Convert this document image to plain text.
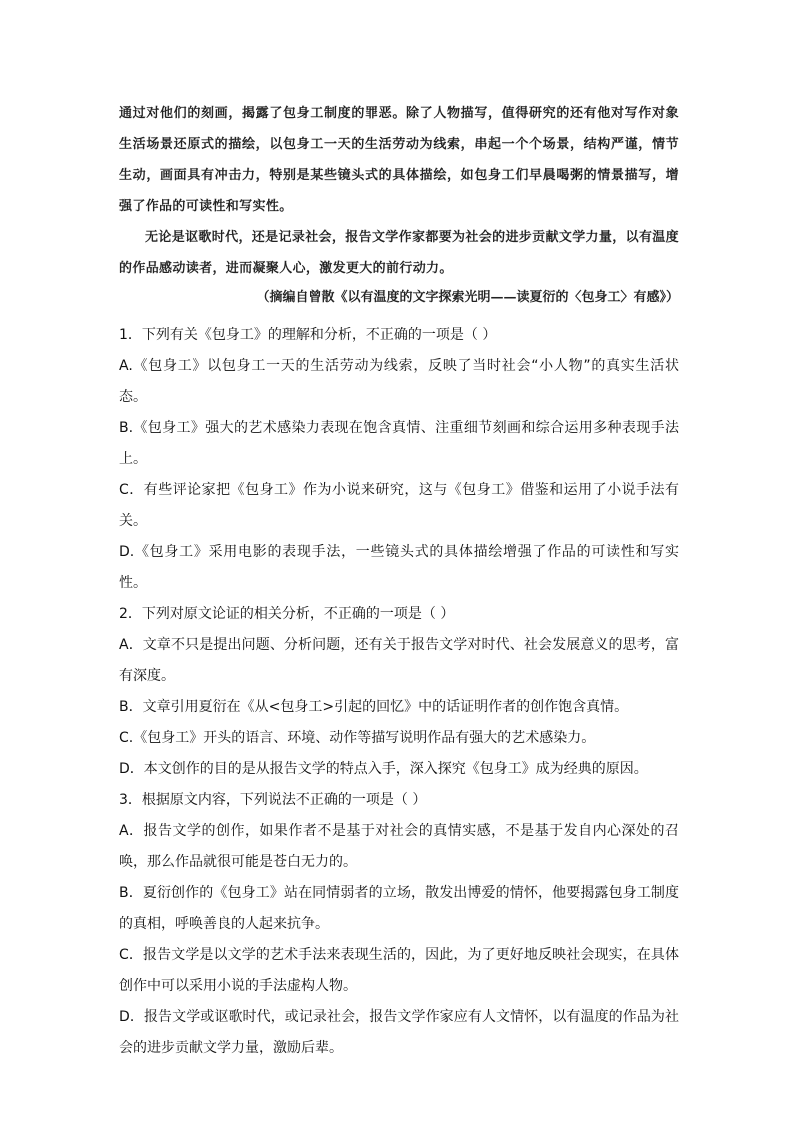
通过对他们的刻画，揭露了包身工制度的罪恶。除了人物描写，值得研究的还有他对写作对象生活场景还原式的描绘，以包身工一天的生活劳动为线索，串起一个个场景，结构严谨，情节生动，画面具有冲击力，特别是某些镜头式的具体描绘，如包身工们早晨喝粥的情景描写，增强了作品的可读性和写实性。

无论是讴歌时代，还是记录社会，报告文学作家都要为社会的进步贡献文学力量，以有温度的作品感动读者，进而凝聚人心，激发更大的前行动力。

（摘编自曾散《以有温度的文字探索光明——读夏衍的〈包身工〉有感》）

1．下列有关《包身工》的理解和分析，不正确的一项是（ ）

A.《包身工》以包身工一天的生活劳动为线索，反映了当时社会“小人物”的真实生活状态。

B.《包身工》强大的艺术感染力表现在饱含真情、注重细节刻画和综合运用多种表现手法上。

C．有些评论家把《包身工》作为小说来研究，这与《包身工》借鉴和运用了小说手法有关。

D.《包身工》采用电影的表现手法，一些镜头式的具体描绘增强了作品的可读性和写实性。

2．下列对原文论证的相关分析，不正确的一项是（ ）

A．文章不只是提出问题、分析问题，还有关于报告文学对时代、社会发展意义的思考，富有深度。

B．文章引用夏衍在《从<包身工>引起的回忆》中的话证明作者的创作饱含真情。

C.《包身工》开头的语言、环境、动作等描写说明作品有强大的艺术感染力。

D．本文创作的目的是从报告文学的特点入手，深入探究《包身工》成为经典的原因。

3．根据原文内容，下列说法不正确的一项是（ ）

A．报告文学的创作，如果作者不是基于对社会的真情实感，不是基于发自内心深处的召唤，那么作品就很可能是苍白无力的。

B．夏衍创作的《包身工》站在同情弱者的立场，散发出博爱的情怀，他要揭露包身工制度的真相，呼唤善良的人起来抗争。

C．报告文学是以文学的艺术手法来表现生活的，因此，为了更好地反映社会现实，在具体创作中可以采用小说的手法虚构人物。

D．报告文学或讴歌时代，或记录社会，报告文学作家应有人文情怀，以有温度的作品为社会的进步贡献文学力量，激励后辈。
